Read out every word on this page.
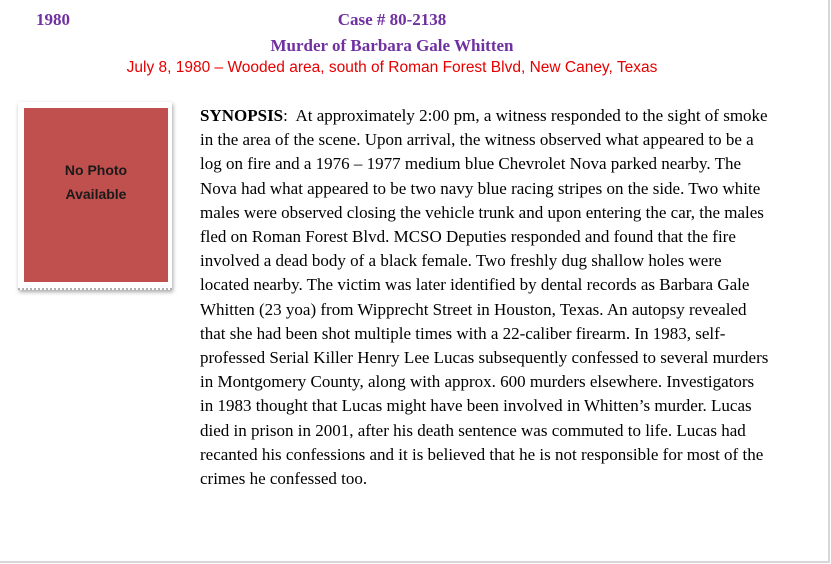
1980	Case # 80-2138
Murder of Barbara Gale Whitten
July 8, 1980 – Wooded area, south of Roman Forest Blvd, New Caney, Texas
No Photo
Available

SYNOPSIS:  At approximately 2:00 pm, a witness responded to the sight of smoke in the area of the scene. Upon arrival, the witness observed what appeared to be a log on fire and a 1976 – 1977 medium blue Chevrolet Nova parked nearby. The Nova had what appeared to be two navy blue racing stripes on the side. Two white males were observed closing the vehicle trunk and upon entering the car, the males fled on Roman Forest Blvd. MCSO Deputies responded and found that the fire involved a dead body of a black female. Two freshly dug shallow holes were located nearby. The victim was later identified by dental records as Barbara Gale Whitten (23 yoa) from Wipprecht Street in Houston, Texas. An autopsy revealed that she had been shot multiple times with a 22-caliber firearm. In 1983, self-professed Serial Killer Henry Lee Lucas subsequently confessed to several murders in Montgomery County, along with approx. 600 murders elsewhere. Investigators in 1983 thought that Lucas might have been involved in Whitten’s murder. Lucas died in prison in 2001, after his death sentence was commuted to life. Lucas had recanted his confessions and it is believed that he is not responsible for most of the crimes he confessed too.
